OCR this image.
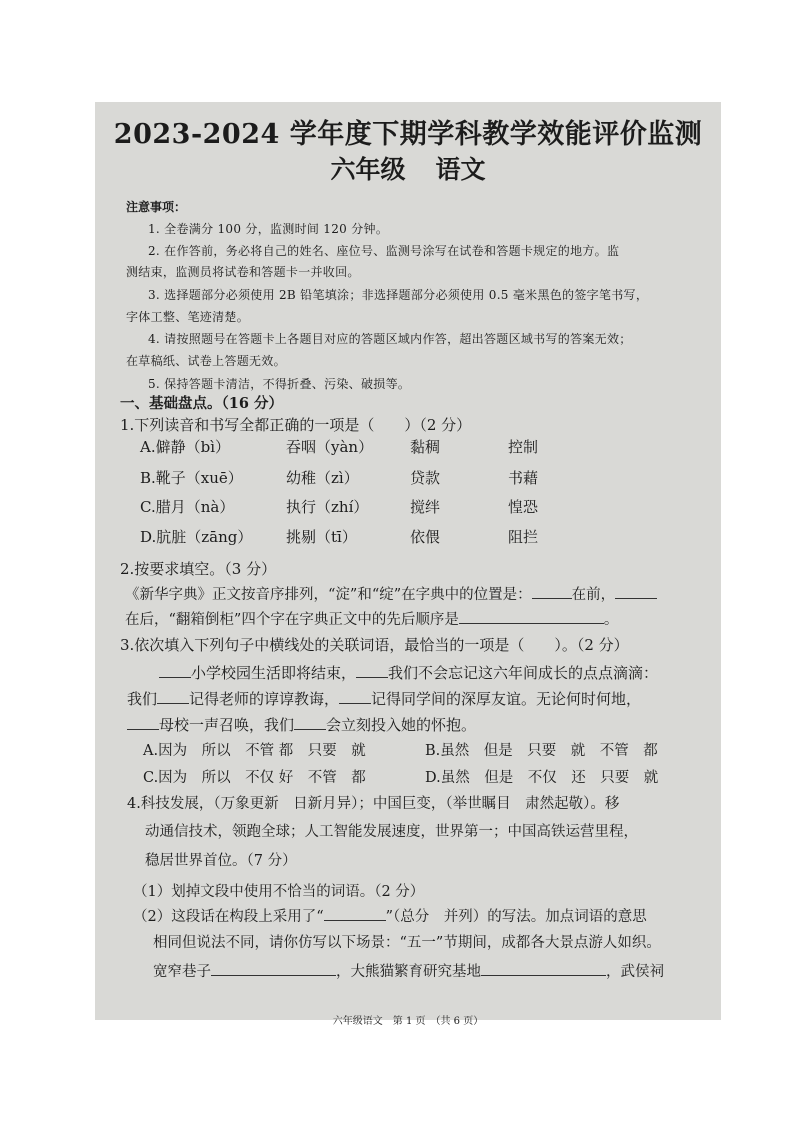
2023-2024 学年度下期学科教学效能评价监测
六年级 语文
注意事项：
1. 全卷满分 100 分，监测时间 120 分钟。
2. 在作答前，务必将自己的姓名、座位号、监测号涂写在试卷和答题卡规定的地方。监
测结束，监测员将试卷和答题卡一并收回。
3. 选择题部分必须使用 2B 铅笔填涂；非选择题部分必须使用 0.5 毫米黑色的签字笔书写，
字体工整、笔迹清楚。
4. 请按照题号在答题卡上各题目对应的答题区域内作答，超出答题区域书写的答案无效；
在草稿纸、试卷上答题无效。
5. 保持答题卡清洁，不得折叠、污染、破损等。
一、基础盘点。（16 分）
1.下列读音和书写全都正确的一项是（　　）（2 分）
A.僻静（bì）	吞咽（yàn） 黏稠	控制
B.靴子（xuē）	幼稚（zì）	贷款	书藉
C.腊月（nà）	执行（zhí）	搅绊	惶恐
D.肮脏（zāng） 挑剔（tī）	依偎	阻拦
2.按要求填空。（3 分）
《新华字典》正文按音序排列，“淀”和“绽”在字典中的位置是：	在前，
在后，“翻箱倒柜”四个字在字典正文中的先后顺序是	。
3.依次填入下列句子中横线处的关联词语，最恰当的一项是（　　）。（2 分）
小学校园生活即将结束， 我们不会忘记这六年间成长的点点滴滴：
我们 记得老师的谆谆教诲， 记得同学间的深厚友谊。无论何时何地，
母校一声召唤，我们 会立刻投入她的怀抱。
A.因为　所以　不管 都　只要　就	B.虽然　但是　只要　就　不管　都
C.因为　所以　不仅 好　不管　都	D.虽然　但是　不仅　还　只要　就
4.科技发展，（万象更新　日新月异）；中国巨变，（举世瞩目　肃然起敬）。移
动通信技术，领跑全球；人工智能发展速度，世界第一；中国高铁运营里程，
稳居世界首位。（7 分）
（1）划掉文段中使用不恰当的词语。（2 分）
（2）这段话在构段上采用了“	”（总分　并列）的写法。加点词语的意思
相同但说法不同，请你仿写以下场景：“五一”节期间，成都各大景点游人如织。
宽窄巷子	，大熊猫繁育研究基地	，武侯祠
六年级语文　第 1 页　（共 6 页）
